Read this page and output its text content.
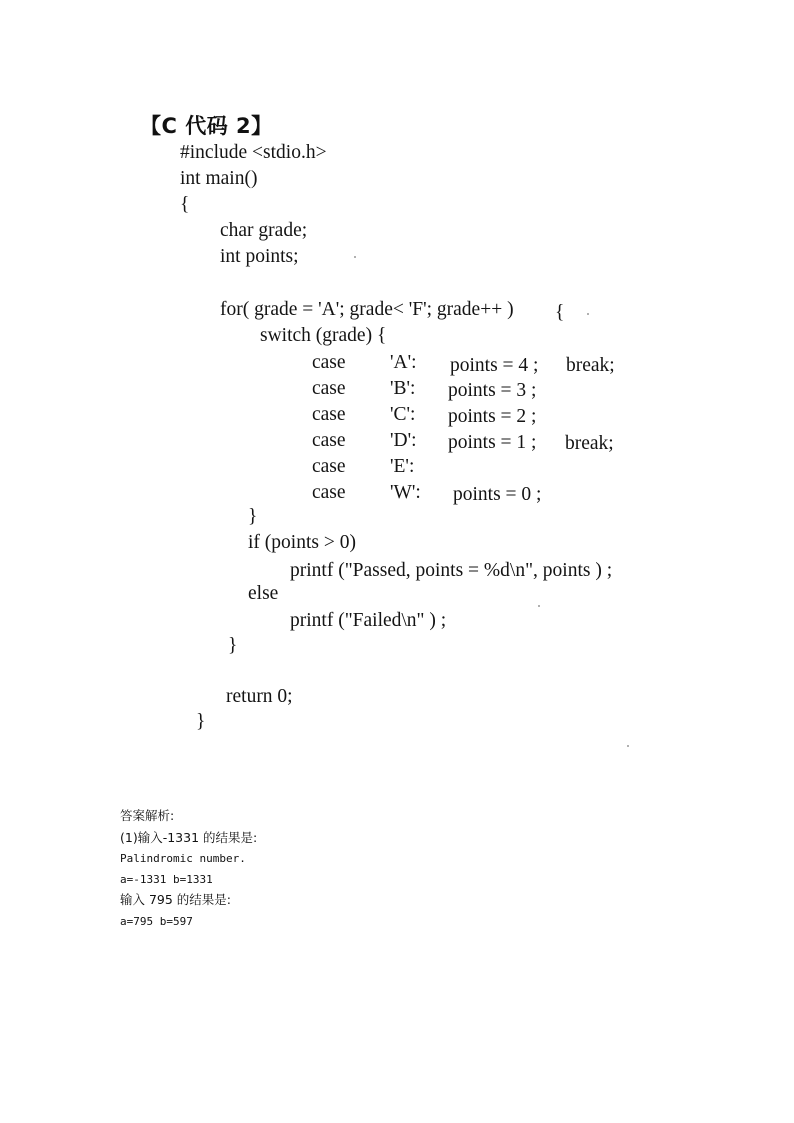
【C 代码 2】
#include <stdio.h>
int main()
{
char grade;
int points;
for( grade = 'A'; grade< 'F'; grade++ ) {
switch (grade) {
case 'A': points = 4 ; break;
case 'B': points = 3 ;
case 'C': points = 2 ;
case 'D': points = 1 ; break;
case 'E':
case 'W': points = 0 ;
}
if (points > 0)
printf ("Passed, points = %d\n", points ) ;
else
printf ("Failed\n" ) ;
}
return 0;
}
答案解析:
(1)输入-1331 的结果是:
Palindromic number.
a=-1331 b=1331
输入 795 的结果是:
a=795 b=597
